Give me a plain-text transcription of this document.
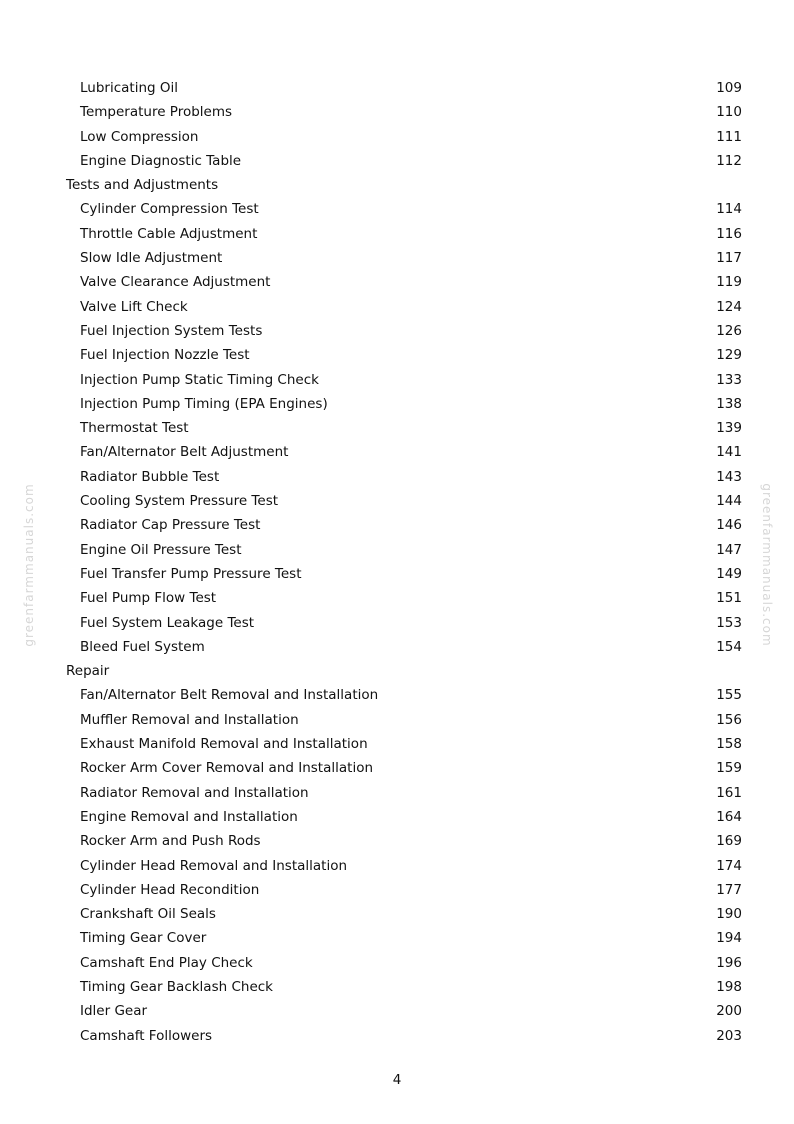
greenfarmmanuals.com	greenfarmmanuals.com
Lubricating Oil	109
Temperature Problems	110
Low Compression	111
Engine Diagnostic Table	112
Tests and Adjustments
Cylinder Compression Test	114
Throttle Cable Adjustment	116
Slow Idle Adjustment	117
Valve Clearance Adjustment	119
Valve Lift Check	124
Fuel Injection System Tests	126
Fuel Injection Nozzle Test	129
Injection Pump Static Timing Check	133
Injection Pump Timing (EPA Engines)	138
Thermostat Test	139
Fan/Alternator Belt Adjustment	141
Radiator Bubble Test	143
Cooling System Pressure Test	144
Radiator Cap Pressure Test	146
Engine Oil Pressure Test	147
Fuel Transfer Pump Pressure Test	149
Fuel Pump Flow Test	151
Fuel System Leakage Test	153
Bleed Fuel System	154
Repair
Fan/Alternator Belt Removal and Installation	155
Muffler Removal and Installation	156
Exhaust Manifold Removal and Installation	158
Rocker Arm Cover Removal and Installation	159
Radiator Removal and Installation	161
Engine Removal and Installation	164
Rocker Arm and Push Rods	169
Cylinder Head Removal and Installation	174
Cylinder Head Recondition	177
Crankshaft Oil Seals	190
Timing Gear Cover	194
Camshaft End Play Check	196
Timing Gear Backlash Check	198
Idler Gear	200
Camshaft Followers	203
4
